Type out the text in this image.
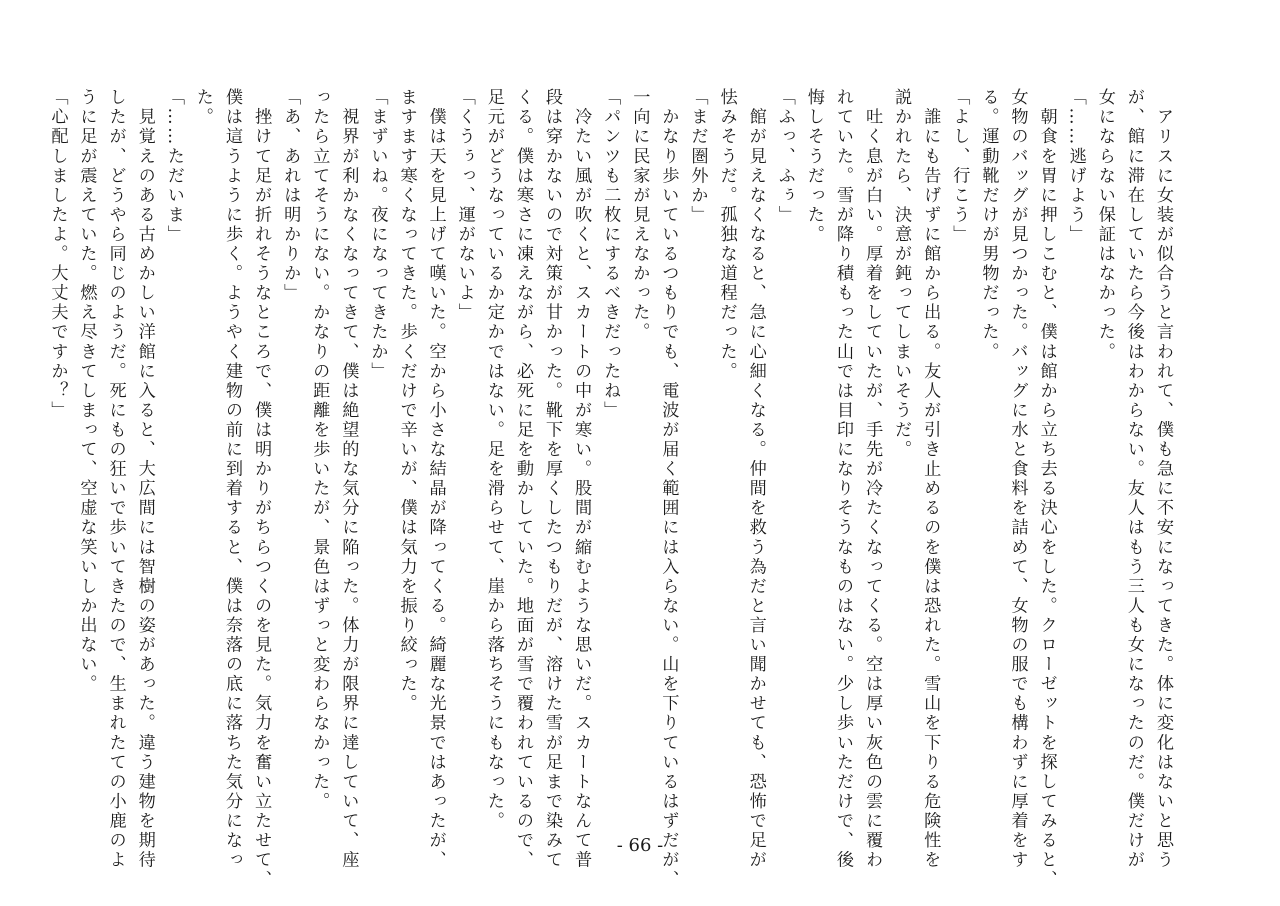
　アリスに女装が似合うと言われて、僕も急に不安になってきた。体に変化はないと思う
が、館に滞在していたら今後はわからない。友人はもう三人も女になったのだ。僕だけが
女にならない保証はなかった。
「……逃げよう」
　朝食を胃に押しこむと、僕は館から立ち去る決心をした。クローゼットを探してみると、
女物のバッグが見つかった。バッグに水と食料を詰めて、女物の服でも構わずに厚着をす
る。運動靴だけが男物だった。
「よし、行こう」
　誰にも告げずに館から出る。友人が引き止めるのを僕は恐れた。雪山を下りる危険性を
説かれたら、決意が鈍ってしまいそうだ。
　吐く息が白い。厚着をしていたが、手先が冷たくなってくる。空は厚い灰色の雲に覆わ
れていた。雪が降り積もった山では目印になりそうなものはない。少し歩いただけで、後
悔しそうだった。
「ふっ、ふぅ」
　館が見えなくなると、急に心細くなる。仲間を救う為だと言い聞かせても、恐怖で足が
怯みそうだ。孤独な道程だった。
「まだ圏外か」
　かなり歩いているつもりでも、電波が届く範囲には入らない。山を下りているはずだが、
一向に民家が見えなかった。
「パンツも二枚にするべきだったね」
　冷たい風が吹くと、スカートの中が寒い。股間が縮むような思いだ。スカートなんて普
段は穿かないので対策が甘かった。靴下を厚くしたつもりだが、溶けた雪が足まで染みて
くる。僕は寒さに凍えながら、必死に足を動かしていた。地面が雪で覆われているので、
足元がどうなっているか定かではない。足を滑らせて、崖から落ちそうにもなった。
「くうぅっ、運がないよ」
　僕は天を見上げて嘆いた。空から小さな結晶が降ってくる。綺麗な光景ではあったが、
ますます寒くなってきた。歩くだけで辛いが、僕は気力を振り絞った。
「まずいね。夜になってきたか」
　視界が利かなくなってきて、僕は絶望的な気分に陥った。体力が限界に達していて、座
ったら立てそうにない。かなりの距離を歩いたが、景色はずっと変わらなかった。
「あ、あれは明かりか」
　挫けて足が折れそうなところで、僕は明かりがちらつくのを見た。気力を奮い立たせて、
僕は這うように歩く。ようやく建物の前に到着すると、僕は奈落の底に落ちた気分になっ
た。
「……ただいま」
　見覚えのある古めかしい洋館に入ると、大広間には智樹の姿があった。違う建物を期待
したが、どうやら同じのようだ。死にもの狂いで歩いてきたので、生まれたての小鹿のよ
うに足が震えていた。燃え尽きてしまって、空虚な笑いしか出ない。
「心配しましたよ。大丈夫ですか？」
- 66 -
